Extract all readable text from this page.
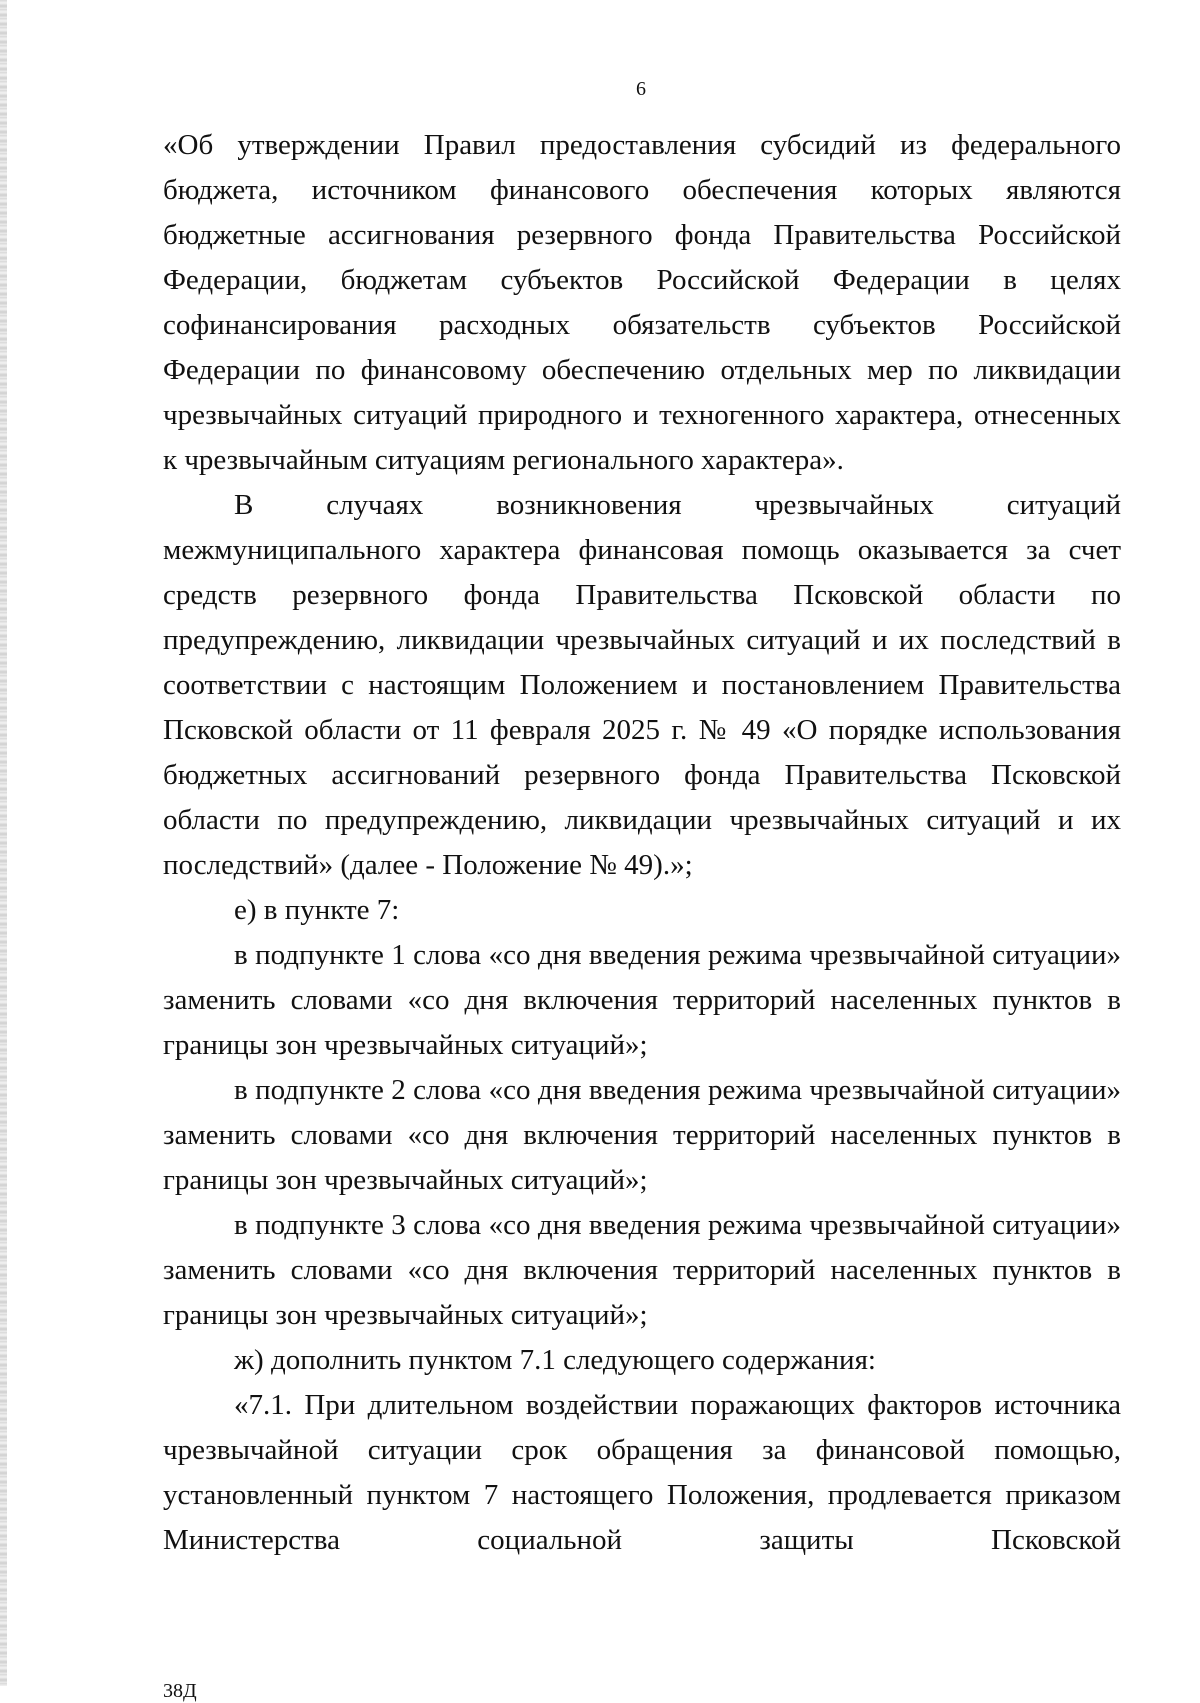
6

«Об утверждении Правил предоставления субсидий из федерального бюджета, источником финансового обеспечения которых являются бюджетные ассигнования резервного фонда Правительства Российской Федерации, бюджетам субъектов Российской Федерации в целях софинансирования расходных обязательств субъектов Российской Федерации по финансовому обеспечению отдельных мер по ликвидации чрезвычайных ситуаций природного и техногенного характера, отнесенных к чрезвычайным ситуациям регионального характера».

В случаях возникновения чрезвычайных ситуаций межмуниципального характера финансовая помощь оказывается за счет средств резервного фонда Правительства Псковской области по предупреждению, ликвидации чрезвычайных ситуаций и их последствий в соответствии с настоящим Положением и постановлением Правительства Псковской области от 11 февраля 2025 г. № 49 «О порядке использования бюджетных ассигнований резервного фонда Правительства Псковской области по предупреждению, ликвидации чрезвычайных ситуаций и их последствий» (далее - Положение № 49).»;

е) в пункте 7:

в подпункте 1 слова «со дня введения режима чрезвычайной ситуации» заменить словами «со дня включения территорий населенных пунктов в границы зон чрезвычайных ситуаций»;

в подпункте 2 слова «со дня введения режима чрезвычайной ситуации» заменить словами «со дня включения территорий населенных пунктов в границы зон чрезвычайных ситуаций»;

в подпункте 3 слова «со дня введения режима чрезвычайной ситуации» заменить словами «со дня включения территорий населенных пунктов в границы зон чрезвычайных ситуаций»;

ж) дополнить пунктом 7.1 следующего содержания:

«7.1. При длительном воздействии поражающих факторов источника чрезвычайной ситуации срок обращения за финансовой помощью, установленный пунктом 7 настоящего Положения, продлевается приказом Министерства социальной защиты Псковской

38Д
